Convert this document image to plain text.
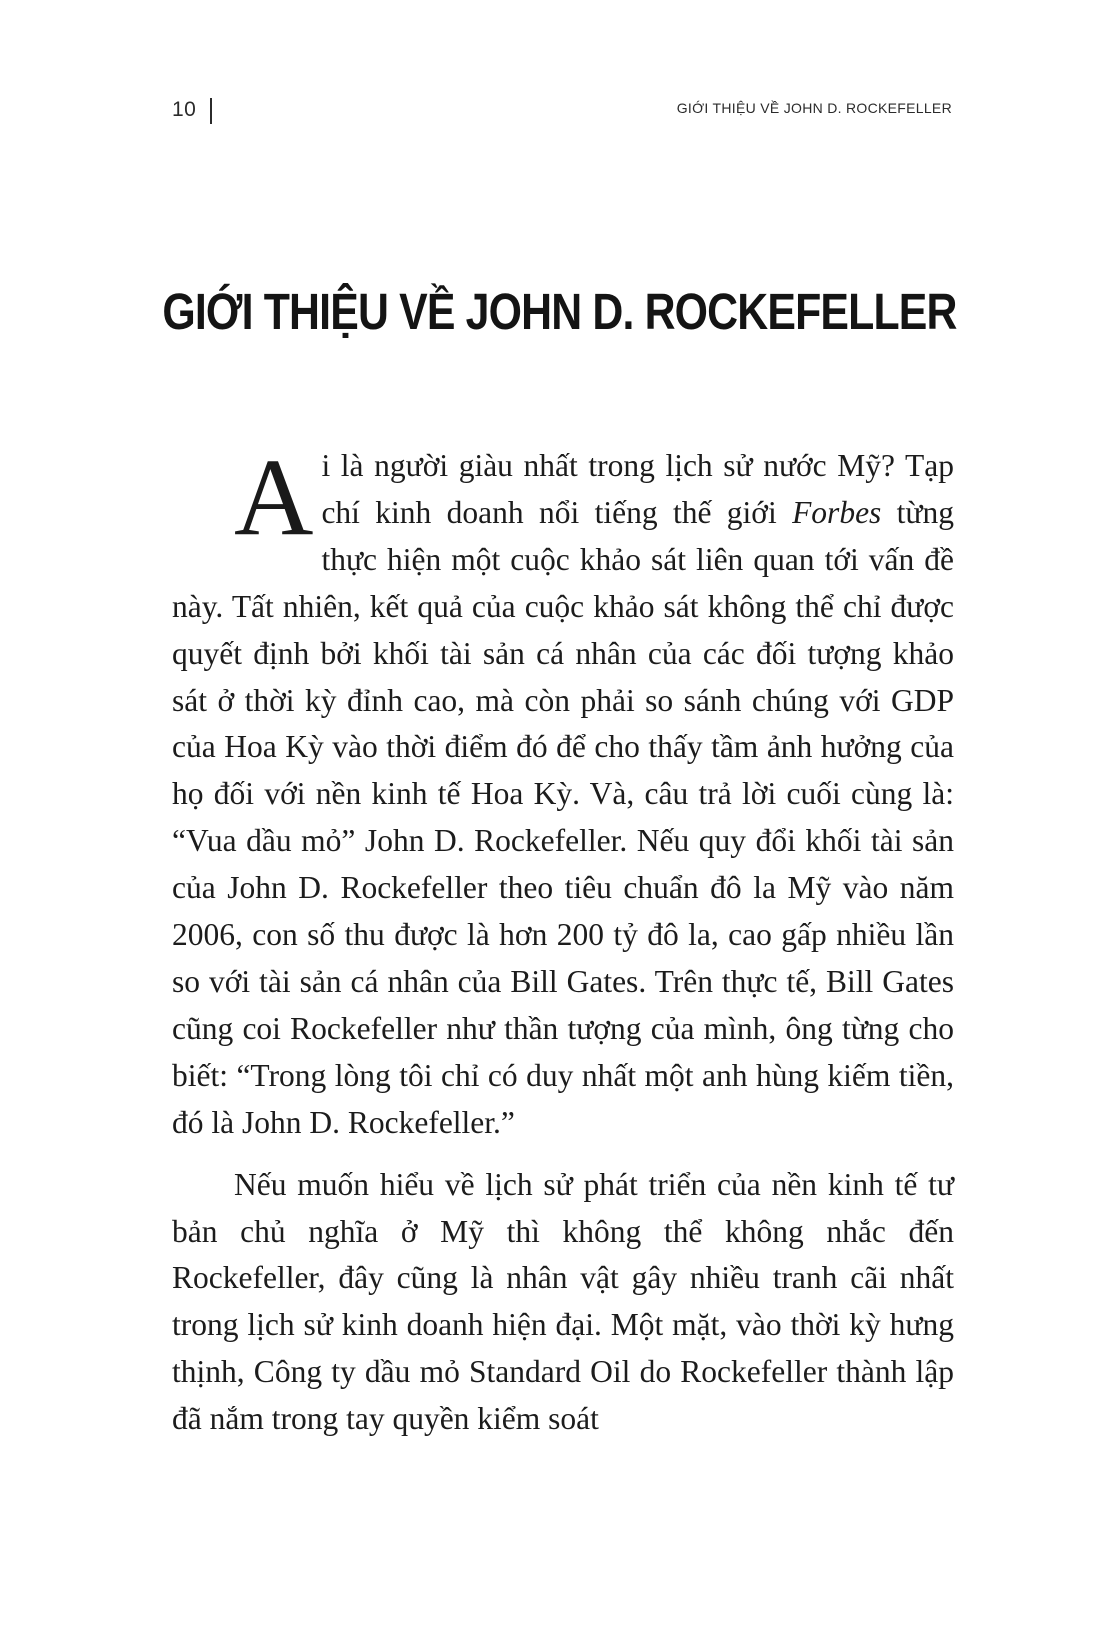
10	GIỚI THIỆU VỀ JOHN D. ROCKEFELLER
GIỚI THIỆU VỀ JOHN D. ROCKEFELLER

Ai là người giàu nhất trong lịch sử nước Mỹ? Tạp chí kinh doanh nổi tiếng thế giới Forbes từng thực hiện một cuộc khảo sát liên quan tới vấn đề này. Tất nhiên, kết quả của cuộc khảo sát không thể chỉ được quyết định bởi khối tài sản cá nhân của các đối tượng khảo sát ở thời kỳ đỉnh cao, mà còn phải so sánh chúng với GDP của Hoa Kỳ vào thời điểm đó để cho thấy tầm ảnh hưởng của họ đối với nền kinh tế Hoa Kỳ. Và, câu trả lời cuối cùng là: “Vua dầu mỏ” John D. Rockefeller. Nếu quy đổi khối tài sản của John D. Rockefeller theo tiêu chuẩn đô la Mỹ vào năm 2006, con số thu được là hơn 200 tỷ đô la, cao gấp nhiều lần so với tài sản cá nhân của Bill Gates. Trên thực tế, Bill Gates cũng coi Rockefeller như thần tượng của mình, ông từng cho biết: “Trong lòng tôi chỉ có duy nhất một anh hùng kiếm tiền, đó là John D. Rockefeller.”

Nếu muốn hiểu về lịch sử phát triển của nền kinh tế tư bản chủ nghĩa ở Mỹ thì không thể không nhắc đến Rockefeller, đây cũng là nhân vật gây nhiều tranh cãi nhất trong lịch sử kinh doanh hiện đại. Một mặt, vào thời kỳ hưng thịnh, Công ty dầu mỏ Standard Oil do Rockefeller thành lập đã nắm trong tay quyền kiểm soát
